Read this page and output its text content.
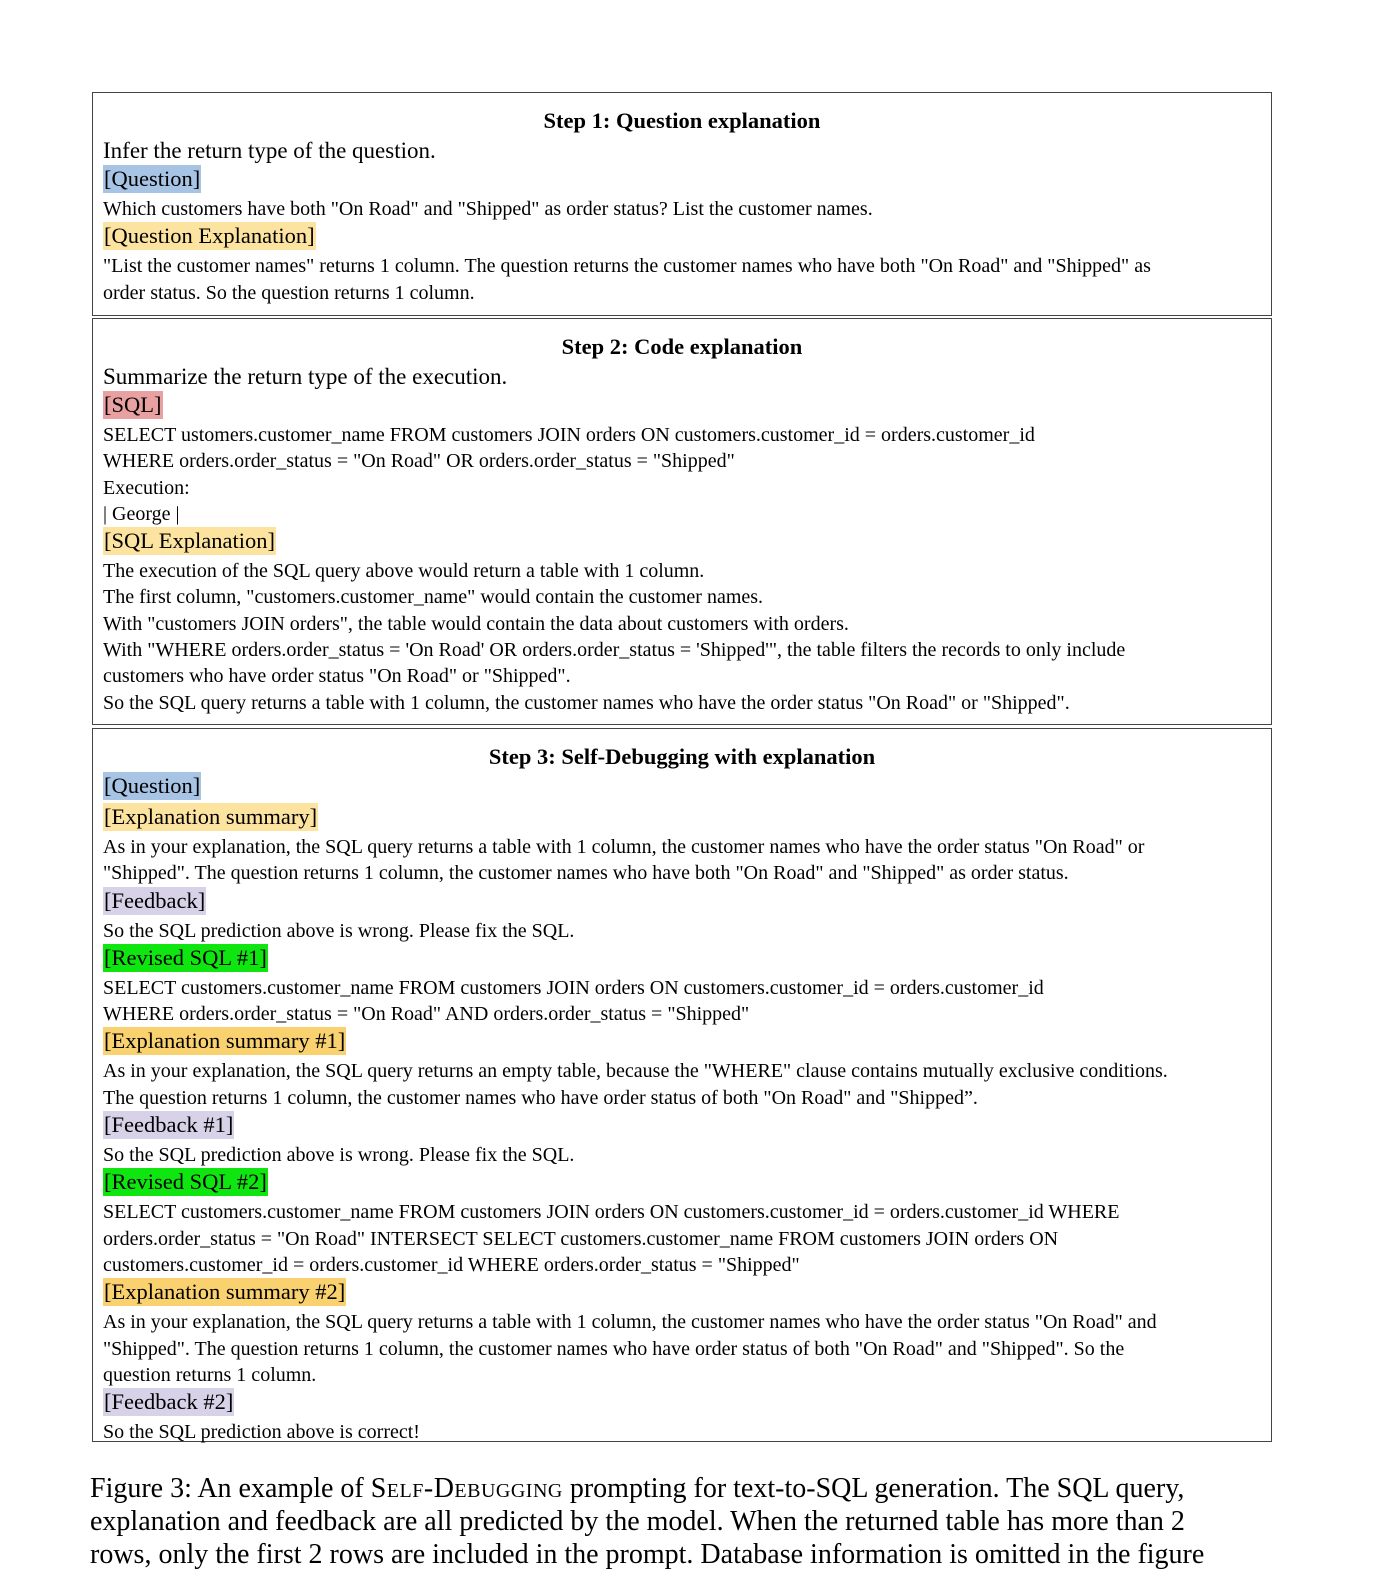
Step 1: Question explanation
Infer the return type of the question.
[Question]
Which customers have both "On Road" and "Shipped" as order status? List the customer names.
[Question Explanation]
"List the customer names" returns 1 column. The question returns the customer names who have both "On Road" and "Shipped" as
order status. So the question returns 1 column.
Step 2: Code explanation
Summarize the return type of the execution.
[SQL]
SELECT ustomers.customer_name FROM customers JOIN orders ON customers.customer_id = orders.customer_id
WHERE orders.order_status = "On Road" OR orders.order_status = "Shipped"
Execution:
| George |
[SQL Explanation]
The execution of the SQL query above would return a table with 1 column.
The first column, "customers.customer_name" would contain the customer names.
With "customers JOIN orders", the table would contain the data about customers with orders.
With "WHERE orders.order_status = 'On Road' OR orders.order_status = 'Shipped'", the table filters the records to only include
customers who have order status "On Road" or "Shipped".
So the SQL query returns a table with 1 column, the customer names who have the order status "On Road" or "Shipped".
Step 3: Self-Debugging with explanation
[Question]
[Explanation summary]
As in your explanation, the SQL query returns a table with 1 column, the customer names who have the order status "On Road" or
"Shipped". The question returns 1 column, the customer names who have both "On Road" and "Shipped" as order status.
[Feedback]
So the SQL prediction above is wrong. Please fix the SQL.
[Revised SQL #1]
SELECT customers.customer_name FROM customers JOIN orders ON customers.customer_id = orders.customer_id
WHERE orders.order_status = "On Road" AND orders.order_status = "Shipped"
[Explanation summary #1]
As in your explanation, the SQL query returns an empty table, because the "WHERE" clause contains mutually exclusive conditions.
The question returns 1 column, the customer names who have order status of both "On Road" and "Shipped”.
[Feedback #1]
So the SQL prediction above is wrong. Please fix the SQL.
[Revised SQL #2]
SELECT customers.customer_name FROM customers JOIN orders ON customers.customer_id = orders.customer_id WHERE
orders.order_status = "On Road" INTERSECT SELECT customers.customer_name FROM customers JOIN orders ON
customers.customer_id = orders.customer_id WHERE orders.order_status = "Shipped"
[Explanation summary #2]
As in your explanation, the SQL query returns a table with 1 column, the customer names who have the order status "On Road" and
"Shipped". The question returns 1 column, the customer names who have order status of both "On Road" and "Shipped". So the
question returns 1 column.
[Feedback #2]
So the SQL prediction above is correct!
Figure 3: An example of Self-Debugging prompting for text-to-SQL generation. The SQL query,
explanation and feedback are all predicted by the model. When the returned table has more than 2
rows, only the first 2 rows are included in the prompt. Database information is omitted in the figure
